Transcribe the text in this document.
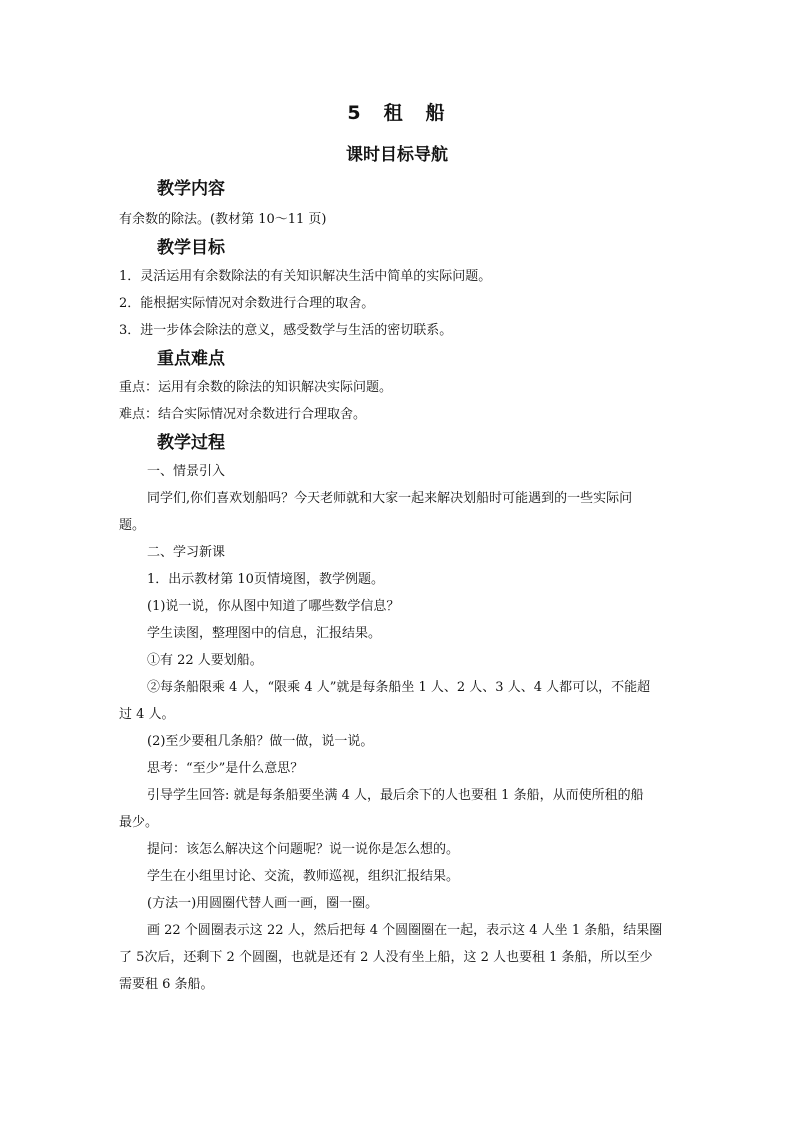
5　租　船
课时目标导航
教学内容

有余数的除法。(教材第 10～11 页)

教学目标

1．灵活运用有余数除法的有关知识解决生活中简单的实际问题。

2．能根据实际情况对余数进行合理的取舍。

3．进一步体会除法的意义，感受数学与生活的密切联系。

重点难点

重点：运用有余数的除法的知识解决实际问题。

难点：结合实际情况对余数进行合理取舍。

教学过程

一、情景引入

同学们,你们喜欢划船吗？今天老师就和大家一起来解决划船时可能遇到的一些实际问

题。

二、学习新课

1．出示教材第 10页情境图，教学例题。

(1)说一说，你从图中知道了哪些数学信息？

学生读图，整理图中的信息，汇报结果。

①有 22 人要划船。

②每条船限乘 4 人，“限乘 4 人”就是每条船坐 1 人、2 人、3 人、4 人都可以，不能超

过 4 人。

(2)至少要租几条船？做一做，说一说。

思考：“至少”是什么意思？

引导学生回答: 就是每条船要坐满 4 人，最后余下的人也要租 1 条船，从而使所租的船

最少。

提问：该怎么解决这个问题呢？说一说你是怎么想的。

学生在小组里讨论、交流，教师巡视，组织汇报结果。

(方法一)用圆圈代替人画一画，圈一圈。

画 22 个圆圈表示这 22 人，然后把每 4 个圆圈圈在一起，表示这 4 人坐 1 条船，结果圈

了 5次后，还剩下 2 个圆圈，也就是还有 2 人没有坐上船，这 2 人也要租 1 条船，所以至少

需要租 6 条船。
